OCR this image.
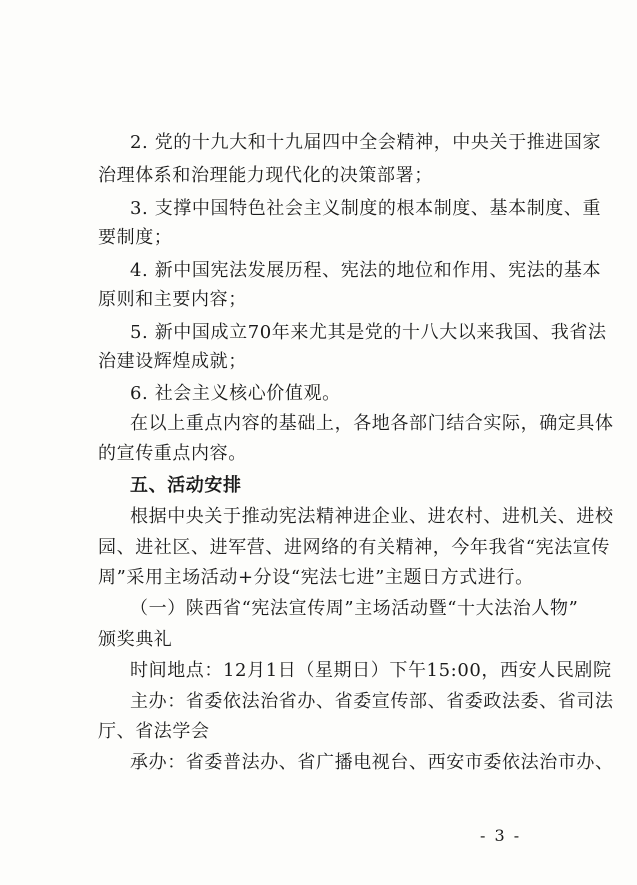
2. 党的十九大和十九届四中全会精神，中央关于推进国家
治理体系和治理能力现代化的决策部署；
3. 支撑中国特色社会主义制度的根本制度、基本制度、重
要制度；
4. 新中国宪法发展历程、宪法的地位和作用、宪法的基本
原则和主要内容；
5. 新中国成立70年来尤其是党的十八大以来我国、我省法
治建设辉煌成就；
6. 社会主义核心价值观。
在以上重点内容的基础上，各地各部门结合实际，确定具体
的宣传重点内容。
五、活动安排
根据中央关于推动宪法精神进企业、进农村、进机关、进校
园、进社区、进军营、进网络的有关精神，今年我省“宪法宣传
周”采用主场活动+分设“宪法七进”主题日方式进行。
（一）陕西省“宪法宣传周”主场活动暨“十大法治人物”
颁奖典礼
时间地点：12月1日（星期日）下午15:00，西安人民剧院
主办：省委依法治省办、省委宣传部、省委政法委、省司法
厅、省法学会
承办：省委普法办、省广播电视台、西安市委依法治市办、
- 3 -
